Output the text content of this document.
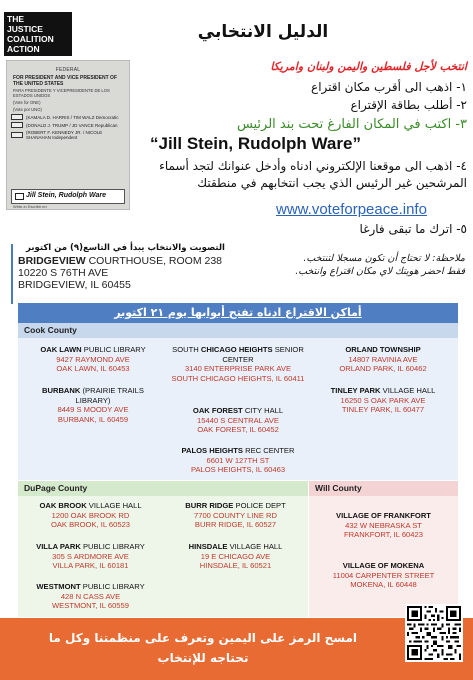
THE
JUSTICE
COALITION
ACTION
FEDERAL
FOR PRESIDENT AND VICE PRESIDENT OF THE UNITED STATES
PARA PRESIDENTE Y VICEPRESIDENTE DE LOS ESTADOS UNIDOS
(Vote for ONE)
(Vote por UNO)
(KAMALA D. HARRIS / TIM WALZ Democratic
(DONALD J. TRUMP / JD VANCE Republican
(ROBERT F. KENNEDY JR. / NICOLE SHANAHAN Independent
Jill Stein, Rudolph Ware
Write-in Escribir en
الدليل الانتخابي
انتخب لأجل فلسطين واليمن ولبنان وامريكا
١- اذهب الى أقرب مكان اقتراع
٢- أطلب بطاقة الإقتراع
٣- اكتب في المكان الفارغ تحت بند الرئيس
“Jill Stein, Rudolph Ware”
٤- اذهب الى موقعنا الإلكتروني ادناه وأدخل عنوانك لتجد أسماء المرشحين غير الرئيس الذي يجب انتخابهم في منطقتك
www.voteforpeace.info
٥- اترك ما تبقى فارغا
التصويت والانتخاب يبدأ في التاسع(٩) من اكتوبر
BRIDGEVIEW COURTHOUSE, ROOM 238
10220 S 76TH AVE
BRIDGEVIEW, IL 60455
ملاحظة: لا تحتاج أن تكون مسجلا لتنتخب.
فقط احضر هويتك لاي مكان اقتراع وانتخب.
أماكن الاقتراع ادناه تفتح أبوابها يوم ٢١ اكتوبر
Cook County
OAK LAWN PUBLIC LIBRARY
9427 RAYMOND AVE
OAK LAWN, IL 60453
BURBANK (PRAIRIE TRAILS LIBRARY)
8449 S MOODY AVE
BURBANK, IL 60459
SOUTH CHICAGO HEIGHTS SENIOR CENTER
3140 ENTERPRISE PARK AVE
SOUTH CHICAGO HEIGHTS, IL 60411
OAK FOREST CITY HALL
15440 S CENTRAL AVE
OAK FOREST, IL 60452
PALOS HEIGHTS REC CENTER
6601 W 127TH ST
PALOS HEIGHTS, IL 60463
ORLAND TOWNSHIP
14807 RAVINIA AVE
ORLAND PARK, IL 60462
TINLEY PARK VILLAGE HALL
16250 S OAK PARK AVE
TINLEY PARK, IL 60477
DuPage County
OAK BROOK VILLAGE HALL
1200 OAK BROOK RD
OAK BROOK, IL 60523
VILLA PARK PUBLIC LIBRARY
305 S ARDMORE AVE
VILLA PARK, IL 60181
WESTMONT PUBLIC LIBRARY
428 N CASS AVE
WESTMONT, IL 60559
BURR RIDGE POLICE DEPT
7700 COUNTY LINE RD
BURR RIDGE, IL 60527
HINSDALE VILLAGE HALL
19 E CHICAGO AVE
HINSDALE, IL 60521
Will County
VILLAGE OF FRANKFORT
432 W NEBRASKA ST
FRANKFORT, IL 60423
VILLAGE OF MOKENA
11004 CARPENTER STREET
MOKENA, IL 60448
امسح الرمز على اليمين وتعرف على منظمتنا وكل ما تحتاجه للإنتخاب
